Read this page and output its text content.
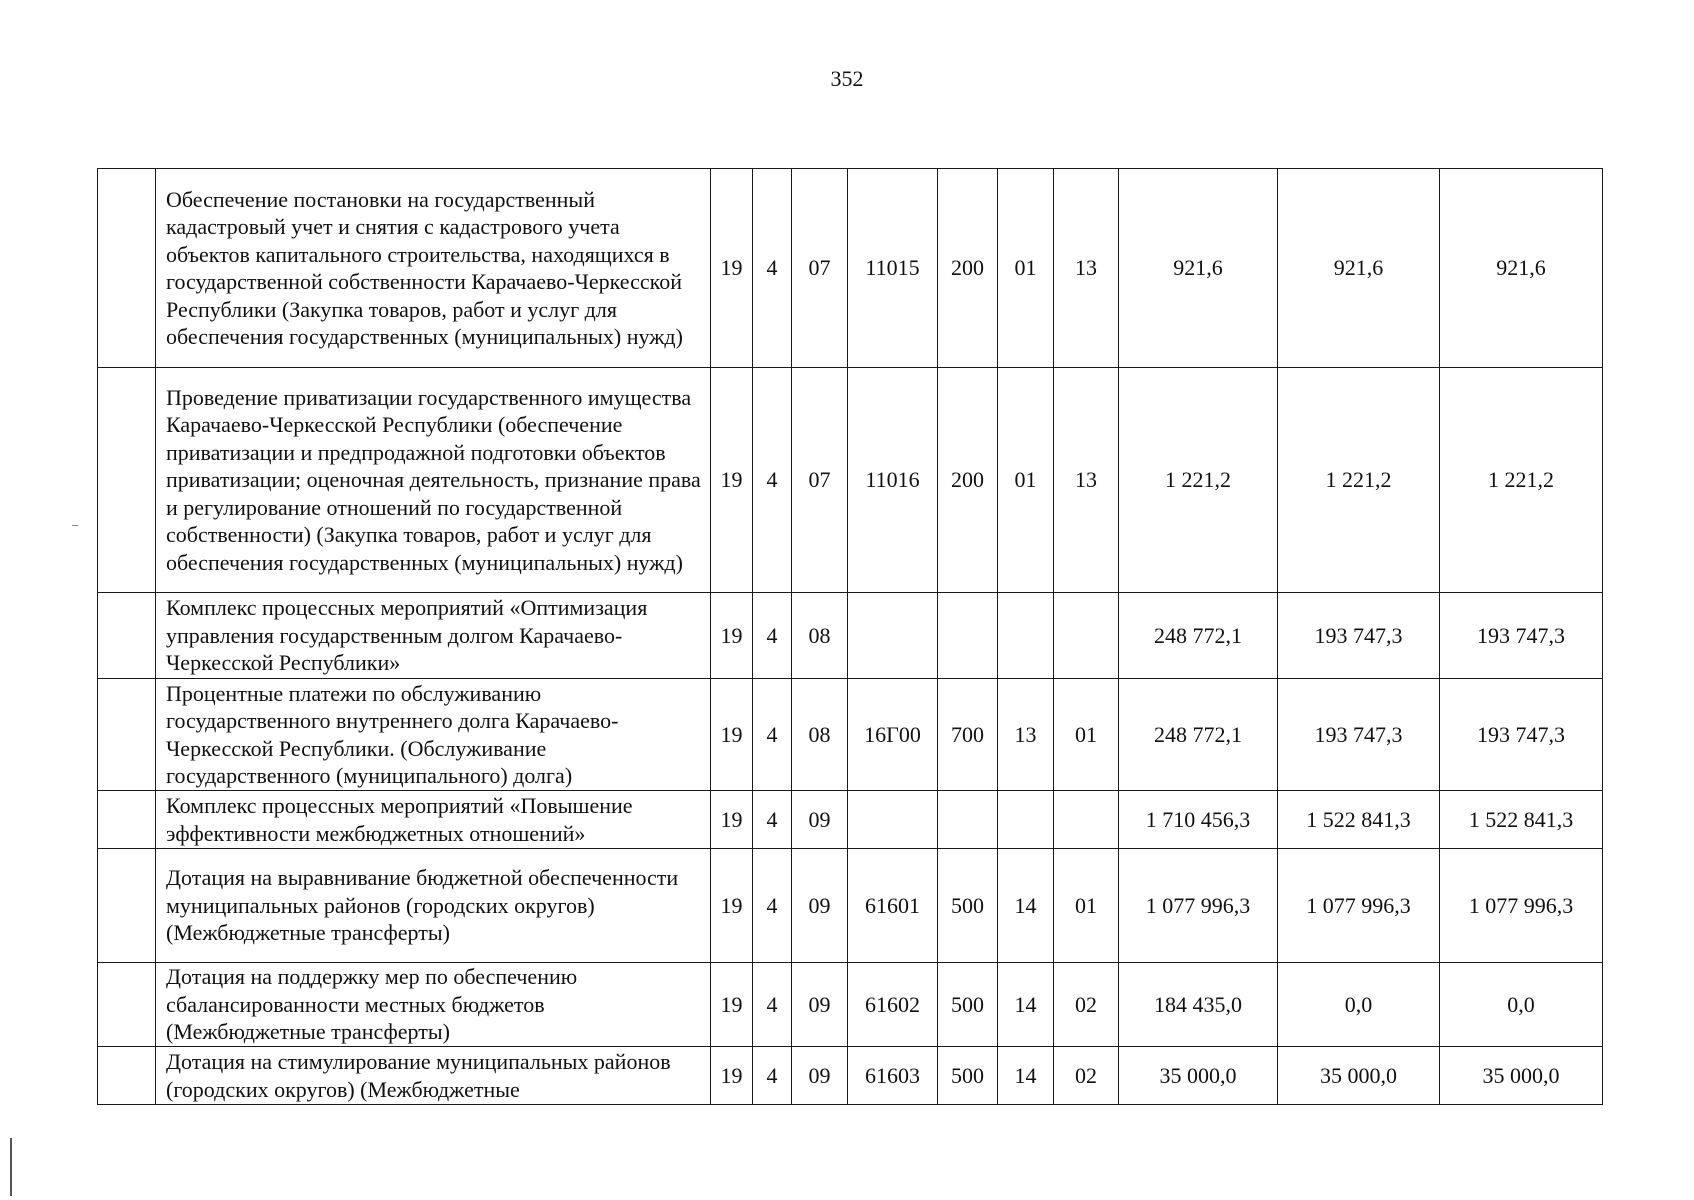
352
	Обеспечение постановки на государственный кадастровый учет и снятия с кадастрового учета объектов капитального строительства, находящихся в государственной собственности Карачаево-Черкесской Республики (Закупка товаров, работ и услуг для обеспечения государственных (муниципальных) нужд)	19	4	07	11015	200	01	13	921,6	921,6	921,6
	Проведение приватизации государственного имущества Карачаево-Черкесской Республики (обеспечение приватизации и предпродажной подготовки объектов приватизации; оценочная деятельность, признание права и регулирование отношений по государственной собственности) (Закупка товаров, работ и услуг для обеспечения государственных (муниципальных) нужд)	19	4	07	11016	200	01	13	1 221,2	1 221,2	1 221,2
	Комплекс процессных мероприятий «Оптимизация управления государственным долгом Карачаево-Черкесской Республики»	19	4	08					248 772,1	193 747,3	193 747,3
	Процентные платежи по обслуживанию государственного внутреннего долга Карачаево-Черкесской Республики. (Обслуживание государственного (муниципального) долга)	19	4	08	16Г00	700	13	01	248 772,1	193 747,3	193 747,3
	Комплекс процессных мероприятий «Повышение эффективности межбюджетных отношений»	19	4	09					1 710 456,3	1 522 841,3	1 522 841,3
	Дотация на выравнивание бюджетной обеспеченности муниципальных районов (городских округов) (Межбюджетные трансферты)	19	4	09	61601	500	14	01	1 077 996,3	1 077 996,3	1 077 996,3
	Дотация на поддержку мер по обеспечению сбалансированности местных бюджетов (Межбюджетные трансферты)	19	4	09	61602	500	14	02	184 435,0	0,0	0,0
	Дотация на стимулирование муниципальных районов (городских округов) (Межбюджетные	19	4	09	61603	500	14	02	35 000,0	35 000,0	35 000,0
